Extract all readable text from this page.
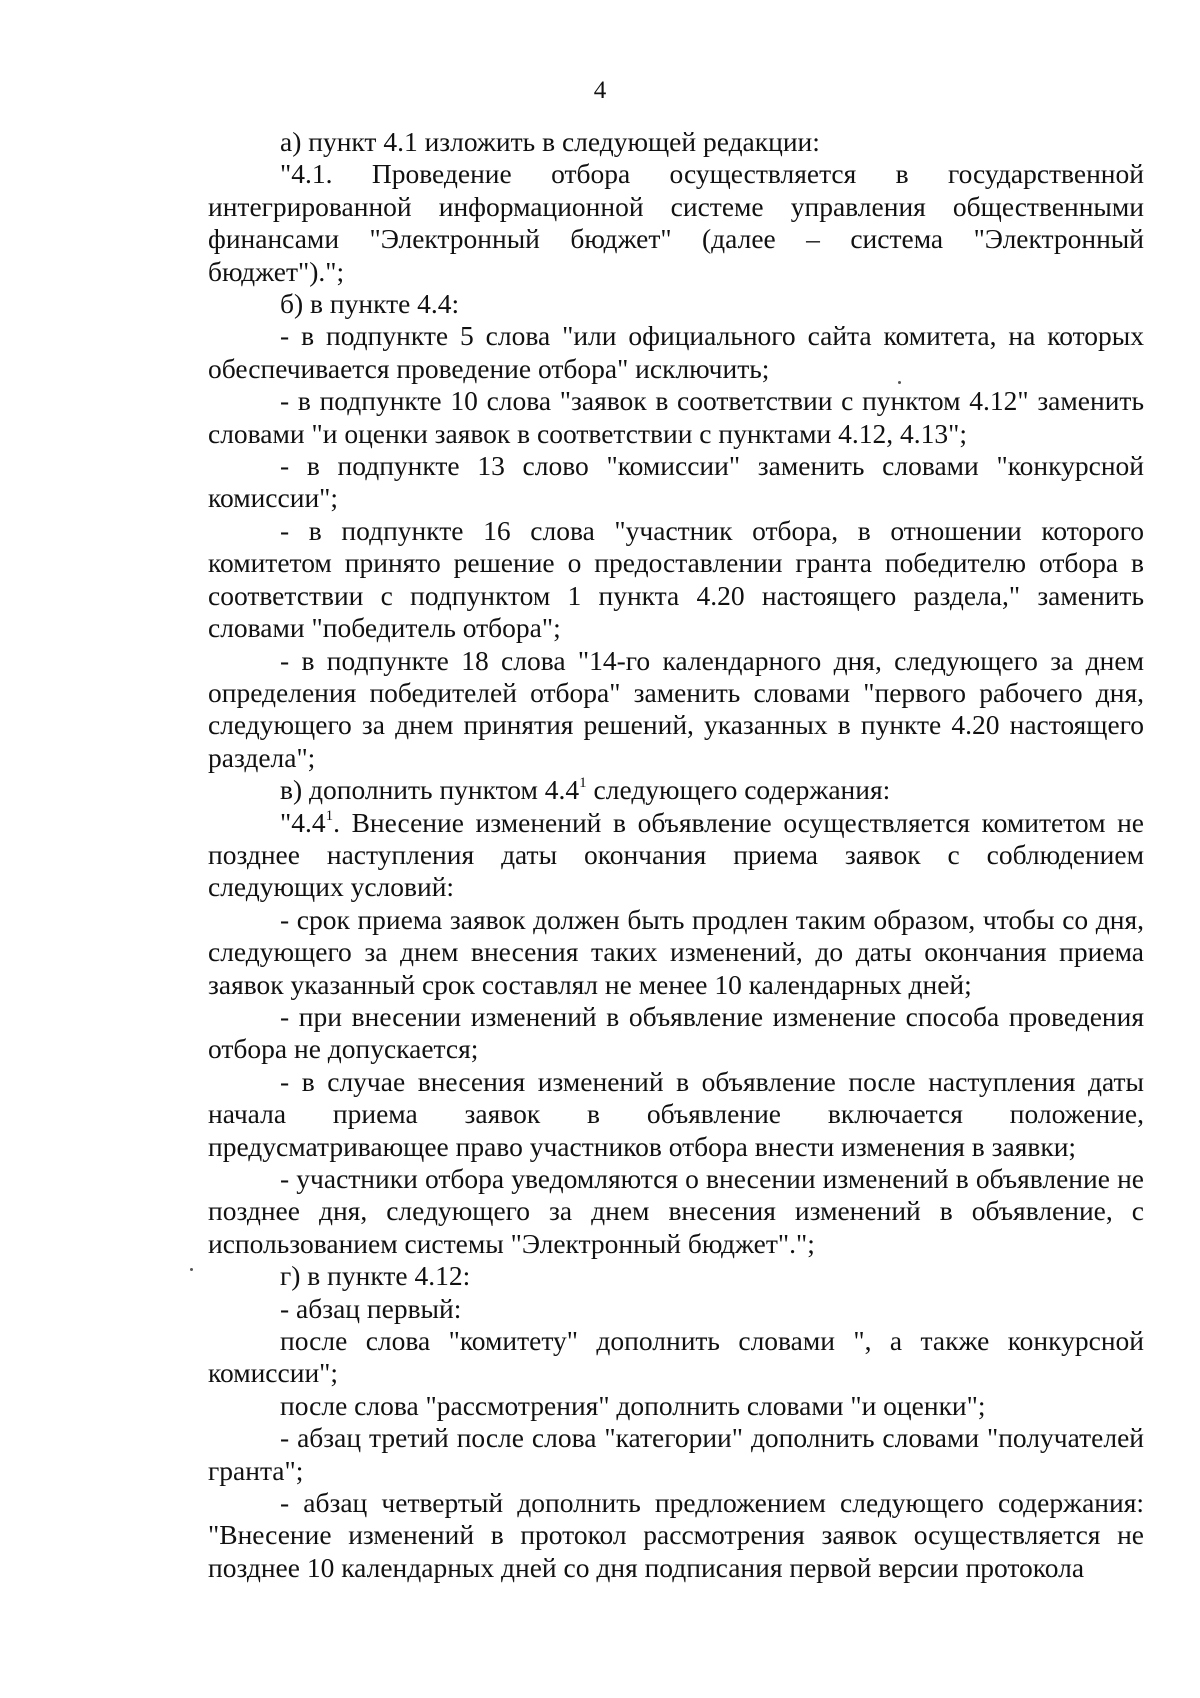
4

а) пункт 4.1 изложить в следующей редакции:

"4.1. Проведение отбора осуществляется в государственной интегрированной информационной системе управления общественными финансами "Электронный бюджет" (далее – система "Электронный бюджет").";

б) в пункте 4.4:

- в подпункте 5 слова "или официального сайта комитета, на которых обеспечивается проведение отбора" исключить;

- в подпункте 10 слова "заявок в соответствии с пунктом 4.12" заменить словами "и оценки заявок в соответствии с пунктами 4.12, 4.13";

- в подпункте 13 слово "комиссии" заменить словами "конкурсной комиссии";

- в подпункте 16 слова "участник отбора, в отношении которого комитетом принято решение о предоставлении гранта победителю отбора в соответствии с подпунктом 1 пункта 4.20 настоящего раздела," заменить словами "победитель отбора";

- в подпункте 18 слова "14-го календарного дня, следующего за днем определения победителей отбора" заменить словами "первого рабочего дня, следующего за днем принятия решений, указанных в пункте 4.20 настоящего раздела";

в) дополнить пунктом $4.4^1$ следующего содержания:

"$4.4^1$. Внесение изменений в объявление осуществляется комитетом не позднее наступления даты окончания приема заявок с соблюдением следующих условий:

- срок приема заявок должен быть продлен таким образом, чтобы со дня, следующего за днем внесения таких изменений, до даты окончания приема заявок указанный срок составлял не менее 10 календарных дней;

- при внесении изменений в объявление изменение способа проведения отбора не допускается;

- в случае внесения изменений в объявление после наступления даты начала приема заявок в объявление включается положение, предусматривающее право участников отбора внести изменения в заявки;

- участники отбора уведомляются о внесении изменений в объявление не позднее дня, следующего за днем внесения изменений в объявление, с использованием системы "Электронный бюджет".";

г) в пункте 4.12:

- абзац первый:

после слова "комитету" дополнить словами ", а также конкурсной комиссии";

после слова "рассмотрения" дополнить словами "и оценки";

- абзац третий после слова "категории" дополнить словами "получателей гранта";

- абзац четвертый дополнить предложением следующего содержания: "Внесение изменений в протокол рассмотрения заявок осуществляется не позднее 10 календарных дней со дня подписания первой версии протокола
